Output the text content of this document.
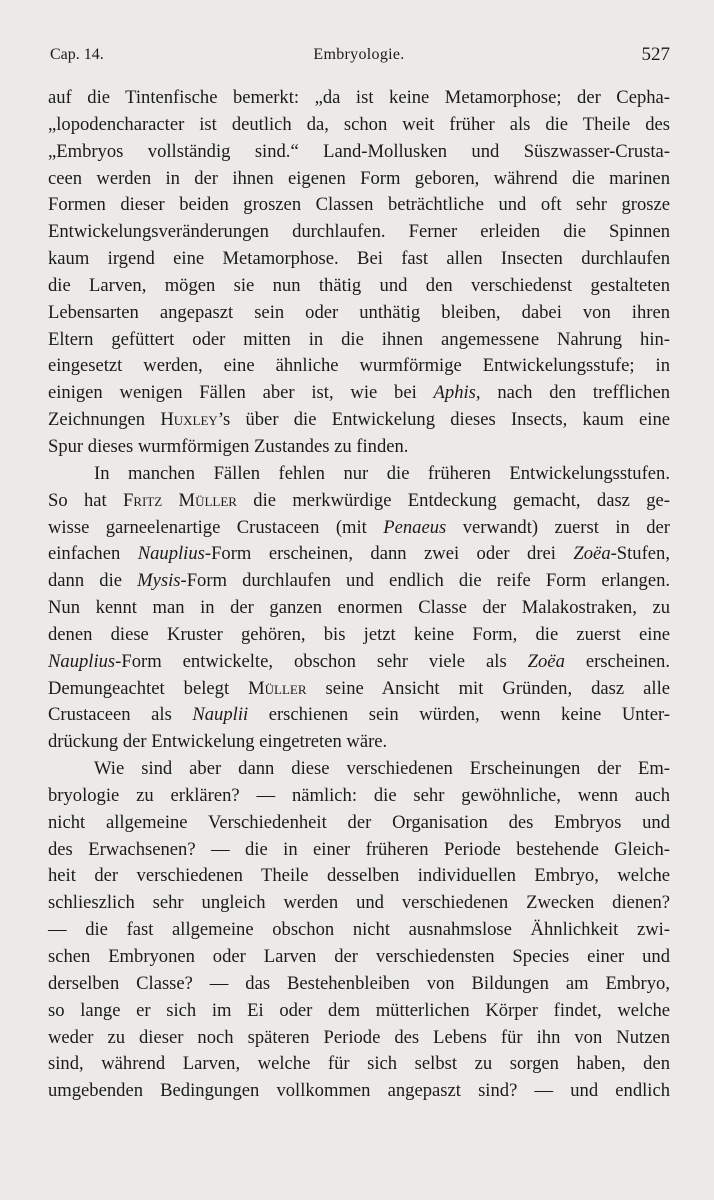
Cap. 14.	Embryologie.	527
auf die Tintenfische bemerkt: „da ist keine Metamorphose; der Cepha-
„lopodencharacter ist deutlich da, schon weit früher als die Theile des
„Embryos vollständig sind.“ Land-Mollusken und Süszwasser-Crusta-
ceen werden in der ihnen eigenen Form geboren, während die marinen
Formen dieser beiden groszen Classen beträchtliche und oft sehr grosze
Entwickelungsveränderungen durchlaufen. Ferner erleiden die Spinnen
kaum irgend eine Metamorphose. Bei fast allen Insecten durchlaufen
die Larven, mögen sie nun thätig und den verschiedenst gestalteten
Lebensarten angepaszt sein oder unthätig bleiben, dabei von ihren
Eltern gefüttert oder mitten in die ihnen angemessene Nahrung hin-
eingesetzt werden, eine ähnliche wurmförmige Entwickelungsstufe; in
einigen wenigen Fällen aber ist, wie bei Aphis, nach den trefflichen
Zeichnungen Huxley’s über die Entwickelung dieses Insects, kaum eine
Spur dieses wurmförmigen Zustandes zu finden.
In manchen Fällen fehlen nur die früheren Entwickelungsstufen.
So hat Fritz Müller die merkwürdige Entdeckung gemacht, dasz ge-
wisse garneelenartige Crustaceen (mit Penaeus verwandt) zuerst in der
einfachen Nauplius-Form erscheinen, dann zwei oder drei Zoëa-Stufen,
dann die Mysis-Form durchlaufen und endlich die reife Form erlangen.
Nun kennt man in der ganzen enormen Classe der Malakostraken, zu
denen diese Kruster gehören, bis jetzt keine Form, die zuerst eine
Nauplius-Form entwickelte, obschon sehr viele als Zoëa erscheinen.
Demungeachtet belegt Müller seine Ansicht mit Gründen, dasz alle
Crustaceen als Nauplii erschienen sein würden, wenn keine Unter-
drückung der Entwickelung eingetreten wäre.
Wie sind aber dann diese verschiedenen Erscheinungen der Em-
bryologie zu erklären? — nämlich: die sehr gewöhnliche, wenn auch
nicht allgemeine Verschiedenheit der Organisation des Embryos und
des Erwachsenen? — die in einer früheren Periode bestehende Gleich-
heit der verschiedenen Theile desselben individuellen Embryo, welche
schlieszlich sehr ungleich werden und verschiedenen Zwecken dienen?
— die fast allgemeine obschon nicht ausnahmslose Ähnlichkeit zwi-
schen Embryonen oder Larven der verschiedensten Species einer und
derselben Classe? — das Bestehenbleiben von Bildungen am Embryo,
so lange er sich im Ei oder dem mütterlichen Körper findet, welche
weder zu dieser noch späteren Periode des Lebens für ihn von Nutzen
sind, während Larven, welche für sich selbst zu sorgen haben, den
umgebenden Bedingungen vollkommen angepaszt sind? — und endlich
